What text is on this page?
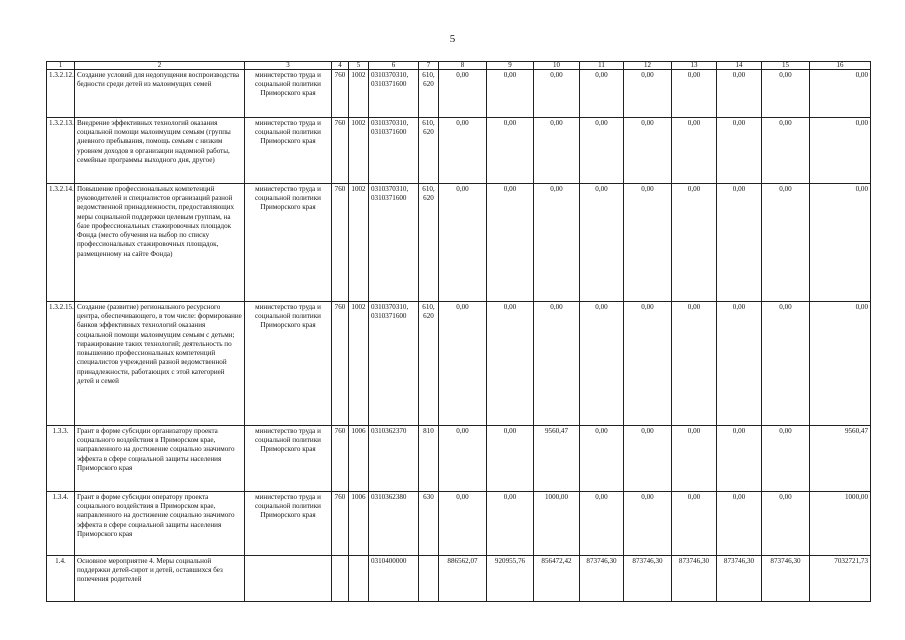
5
1	2	3	4	5	6	7	8	9	10	11	12	13	14	15	16
1.3.2.12.	Создание условий для недопущения воспроизводства бедности среди детей из малоимущих семей	министерство труда и социальной политики Приморского края	760	1002	0310370310, 0310371600	610, 620	0,00	0,00	0,00	0,00	0,00	0,00	0,00	0,00	0,00
1.3.2.13.	Внедрение эффективных технологий оказания социальной помощи малоимущим семьям (группы дневного пребывания, помощь семьям с низким уровнем доходов в организации надомной работы, семейные программы выходного дня, другое)	министерство труда и социальной политики Приморского края	760	1002	0310370310, 0310371600	610, 620	0,00	0,00	0,00	0,00	0,00	0,00	0,00	0,00	0,00
1.3.2.14.	Повышение профессиональных компетенций руководителей и специалистов организаций разной ведомственной принадлежности, предоставляющих меры социальной поддержки целевым группам, на базе профессиональных стажировочных площадок Фонда (место обучения на выбор по списку профессиональных стажировочных площадок, размещенному на сайте Фонда)	министерство труда и социальной политики Приморского края	760	1002	0310370310, 0310371600	610, 620	0,00	0,00	0,00	0,00	0,00	0,00	0,00	0,00	0,00
1.3.2.15.	Создание (развитие) регионального ресурсного центра, обеспечивающего, в том числе: формирование банков эффективных технологий оказания социальной помощи малоимущим семьям с детьми; тиражирование таких технологий; деятельность по повышению профессиональных компетенций специалистов учреждений разной ведомственной принадлежности, работающих с этой категорией детей и семей	министерство труда и социальной политики Приморского края	760	1002	0310370310, 0310371600	610, 620	0,00	0,00	0,00	0,00	0,00	0,00	0,00	0,00	0,00
1.3.3.	Грант в форме субсидии организатору проекта социального воздействия в Приморском крае, направленного на достижение социально значимого эффекта в сфере социальной защиты населения Приморского края	министерство труда и социальной политики Приморского края	760	1006	0310362370	810	0,00	0,00	9560,47	0,00	0,00	0,00	0,00	0,00	9560,47
1.3.4.	Грант в форме субсидии оператору проекта социального воздействия в Приморском крае, направленного на достижение социально значимого эффекта в сфере социальной защиты населения Приморского края	министерство труда и социальной политики Приморского края	760	1006	0310362380	630	0,00	0,00	1000,00	0,00	0,00	0,00	0,00	0,00	1000,00
1.4.	Основное мероприятие 4. Меры социальной поддержки детей-сирот и детей, оставшихся без попечения родителей				0310400000		886562,07	920955,76	856472,42	873746,30	873746,30	873746,30	873746,30	873746,30	7032721,73
